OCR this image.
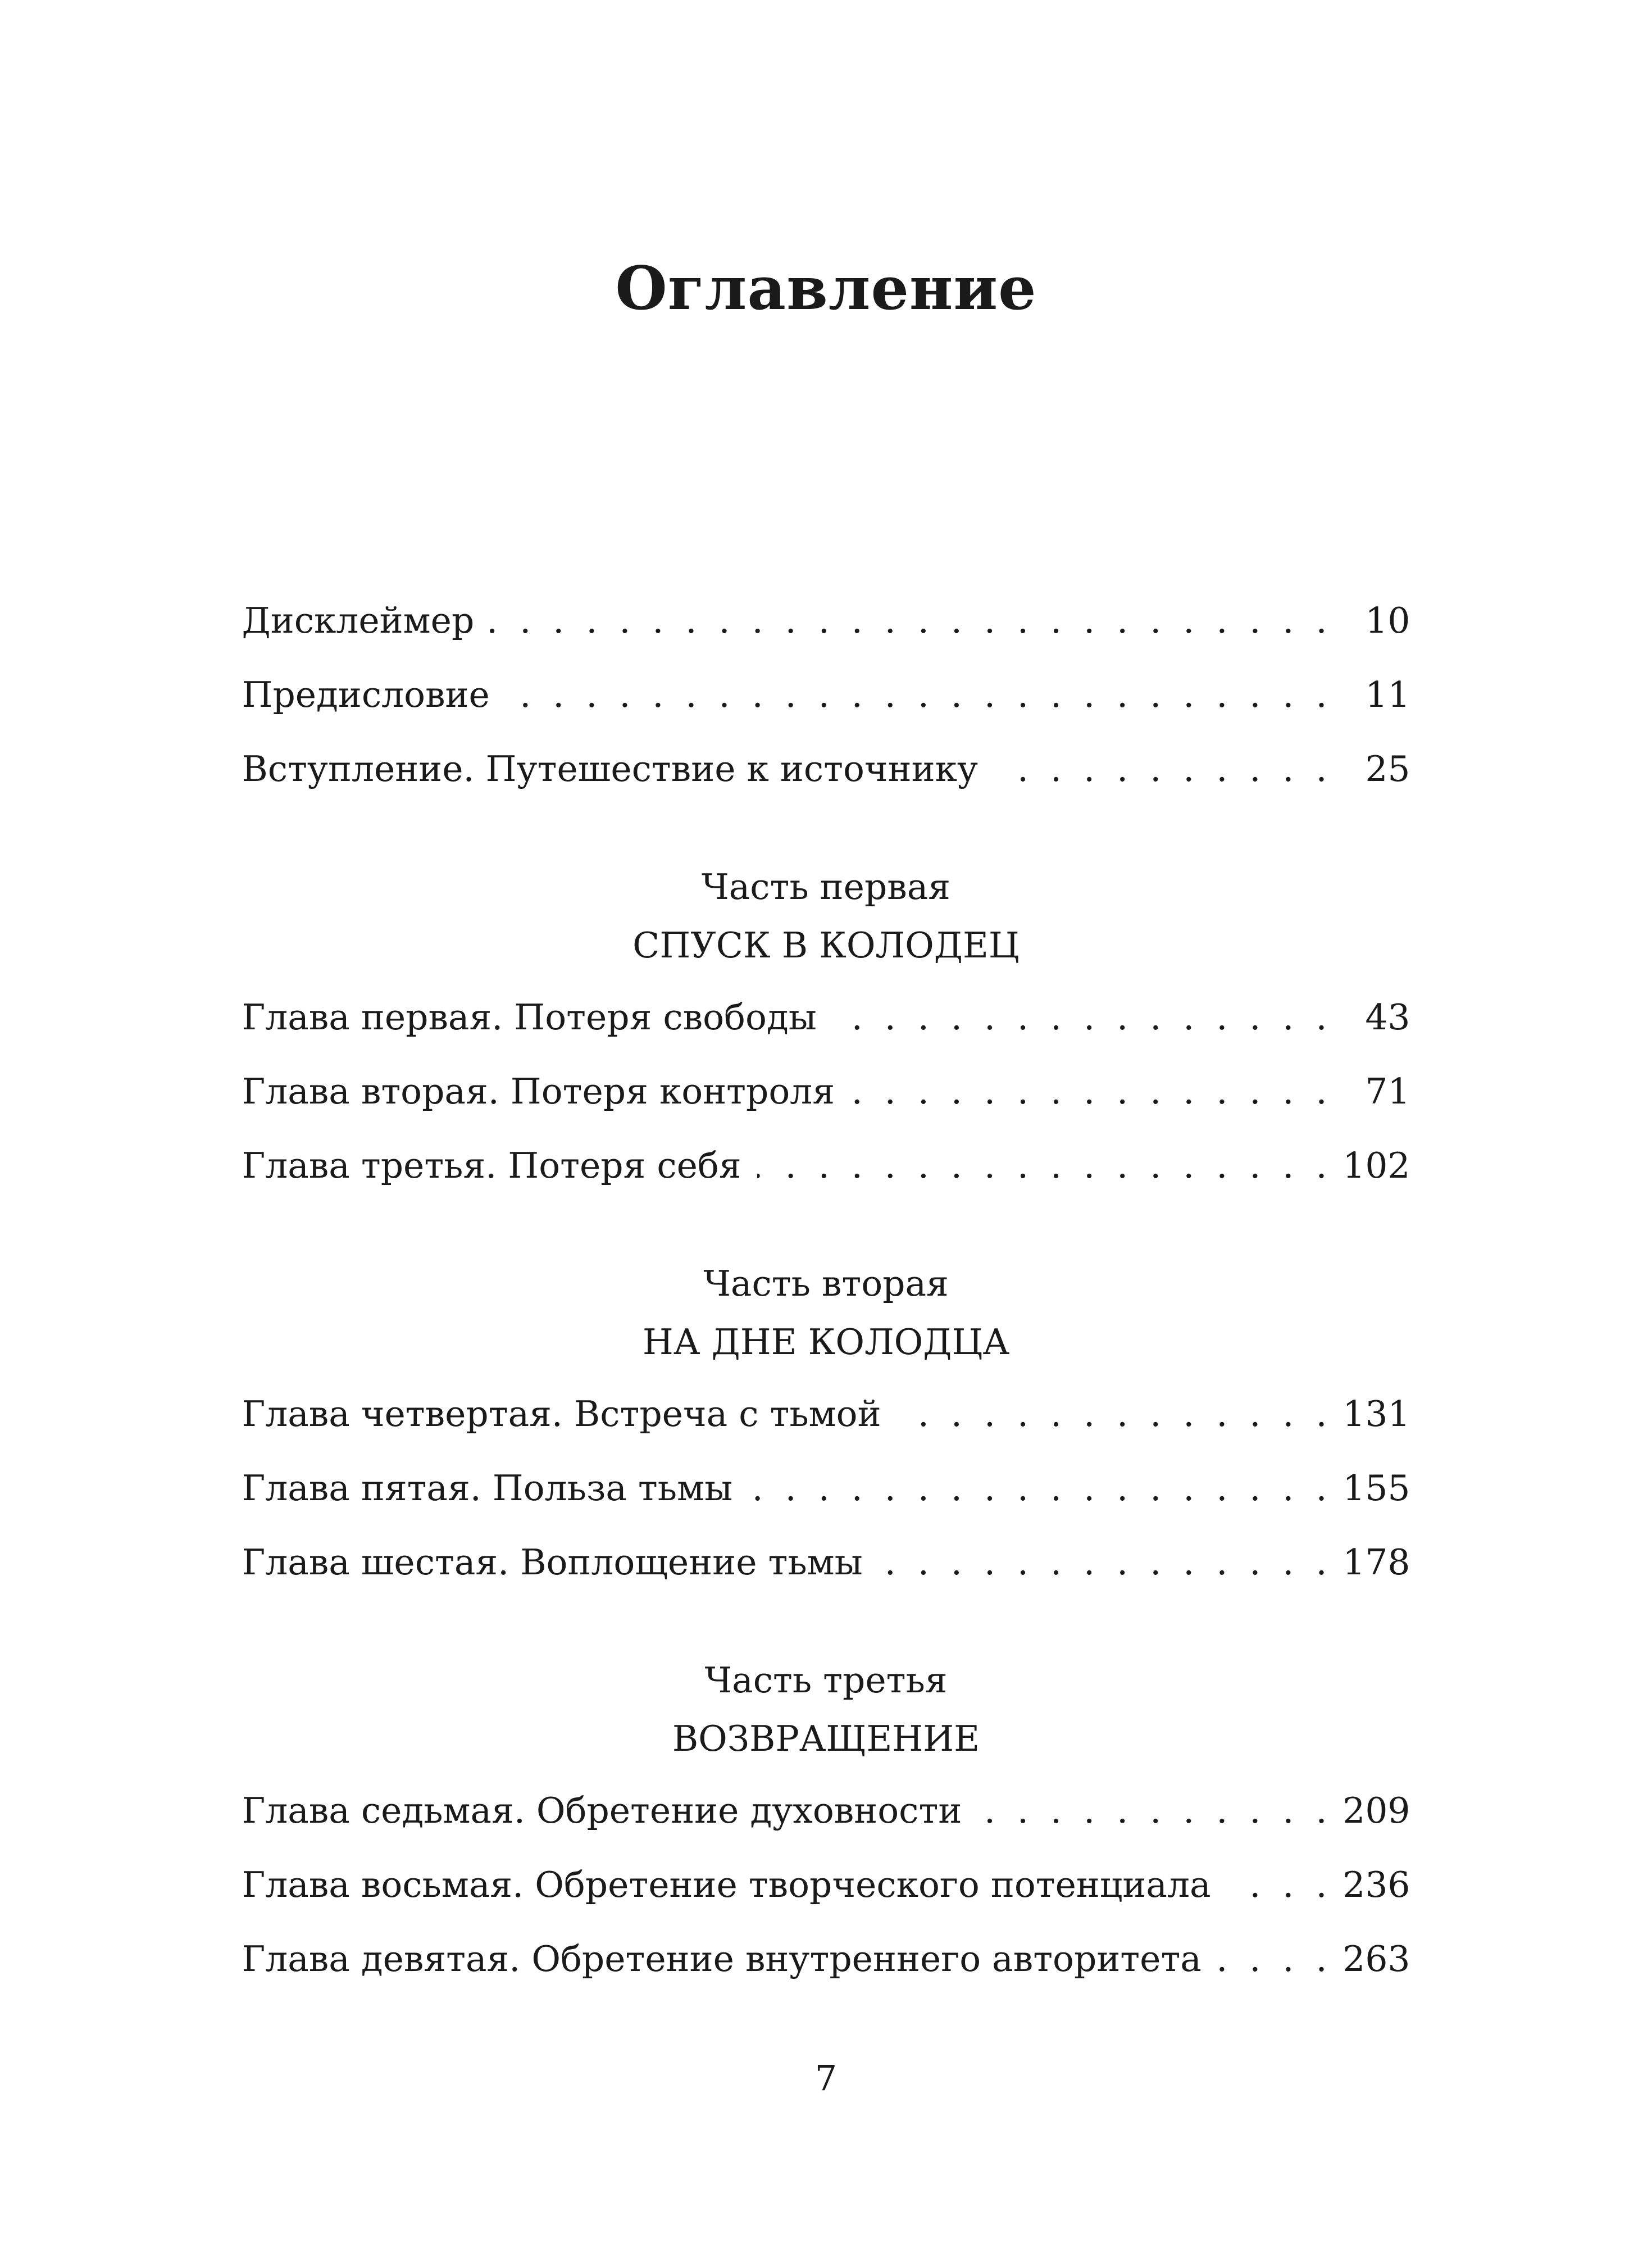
Оглавление
Дисклеймер . . .	10
Предисловие . . .	11
Вступление. Путешествие к источнику . . .	25
Часть первая
СПУСК В КОЛОДЕЦ
Глава первая. Потеря свободы . . .	43
Глава вторая. Потеря контроля . . .	71
Глава третья. Потеря себя . . .	102
Часть вторая
НА ДНЕ КОЛОДЦА
Глава четвертая. Встреча с тьмой . . .	131
Глава пятая. Польза тьмы . . .	155
Глава шестая. Воплощение тьмы . . .	178
Часть третья
ВОЗВРАЩЕНИЕ
Глава седьмая. Обретение духовности . . .	209
Глава восьмая. Обретение творческого потенциала . . .	236
Глава девятая. Обретение внутреннего авторитета . . .	263
7
